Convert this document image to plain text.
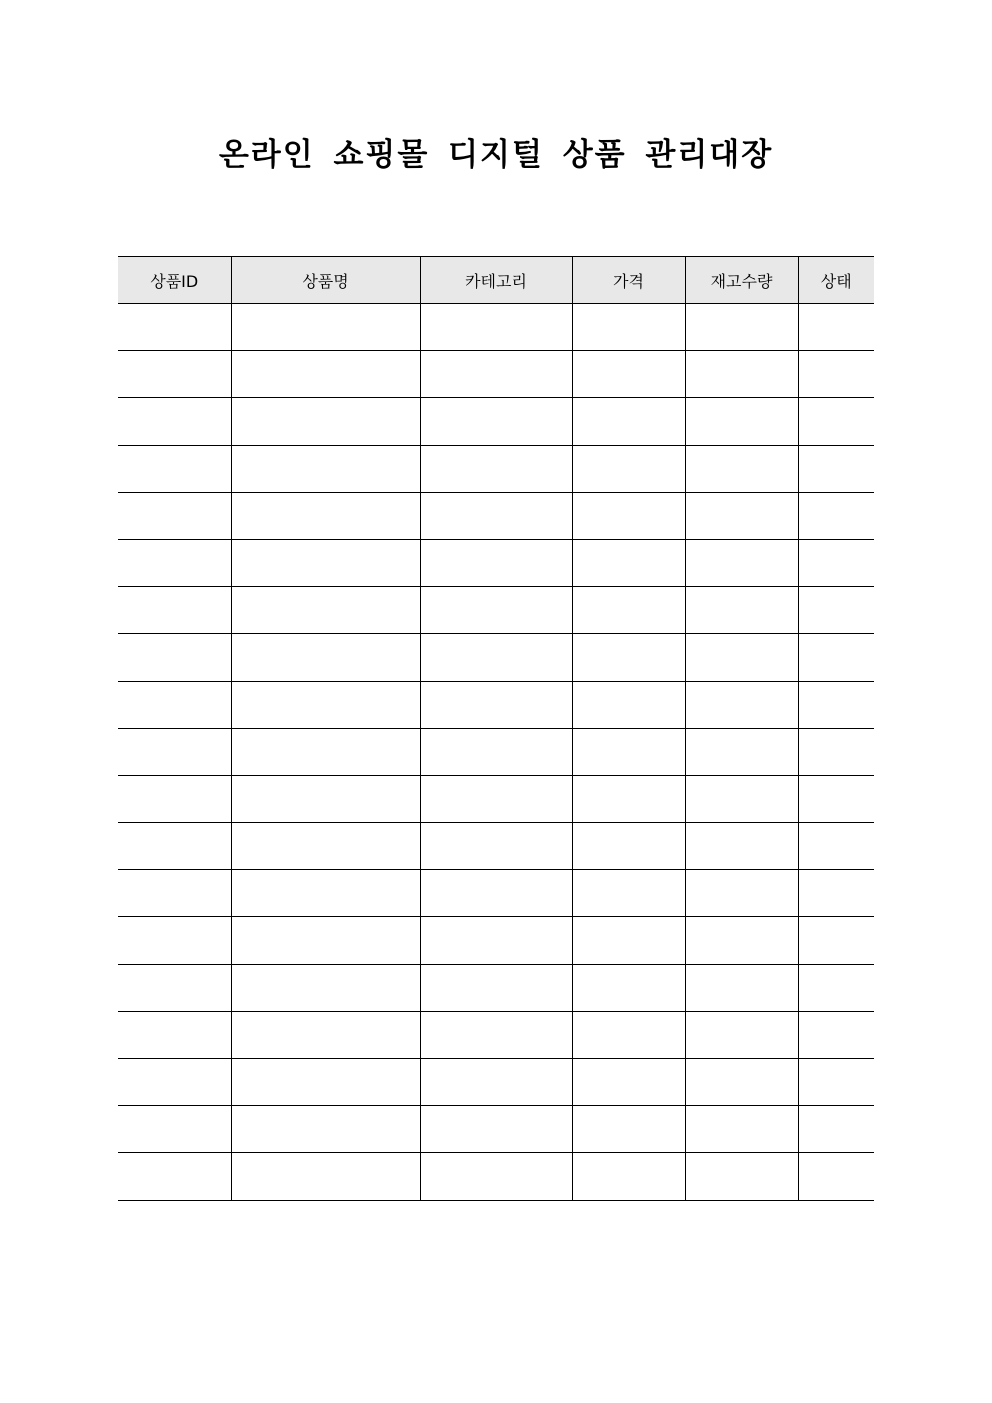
온라인 쇼핑몰 디지털 상품 관리대장
상품ID	상품명	카테고리	가격	재고수량	상태
